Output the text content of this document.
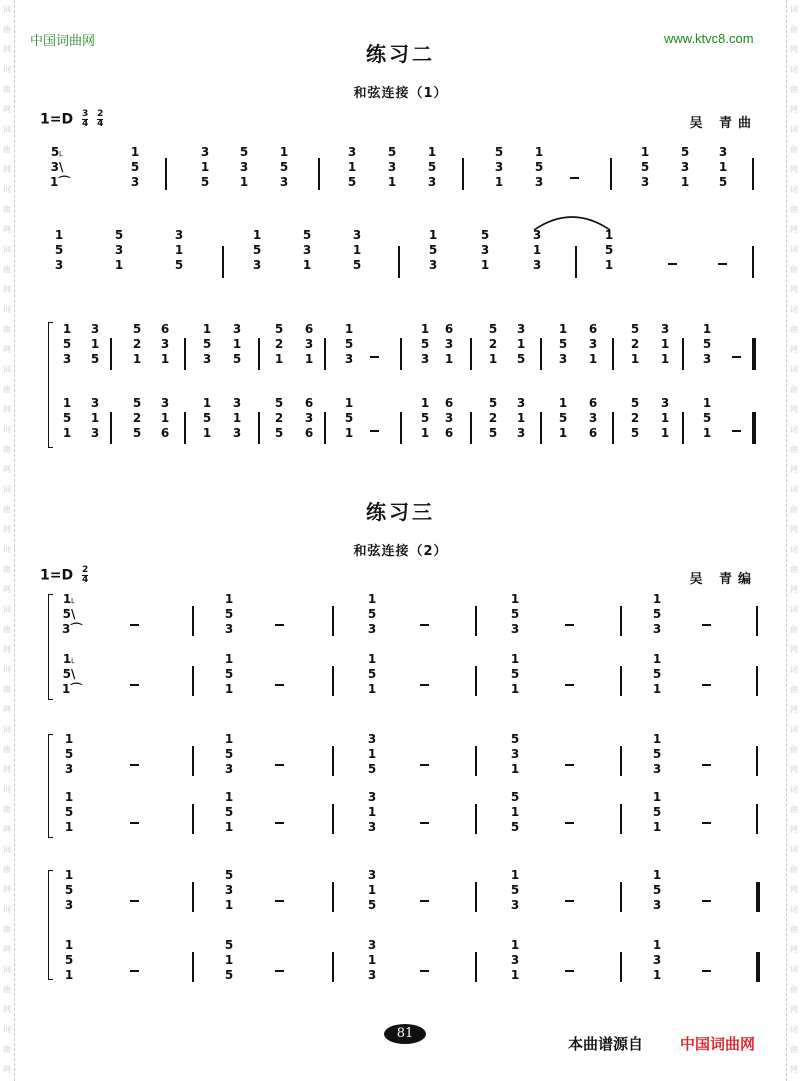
词
曲
网
词
曲
网
词
曲
网
词
曲
网
词
曲
网
词
曲
网
词
曲
网
词
曲
网
词
曲
网
词
曲
网
词
曲
网
词
曲
网
词
曲
网
词
曲
网
词
曲
网
词
曲
网
词
曲
网
词
曲
网
词
曲
网
词
曲
网
词
曲
网
词
曲
网
词
曲
网
词
曲
网
词
曲
网
词
曲
网
词
曲
网
词
曲
网
词
曲
网
词
曲
网
词
曲
网
词
曲
网
词
曲
网
词
曲
网
词
曲
网
词
曲
网
中国词曲网	www.ktvc8.com
练习二
和弦连接（1）
$1=D \frac{3}{4} \frac{2}{4}$	吴 青曲
5˪
3\
1⌒
1
5
3
3
1
5
5
3
1
1
5
3
3
1
5
5
3
1
1
5
3
5
3
1
1
5
3
1
5
3
5
3
1
3
1
5
1
5
3
5
3
1
3
1
5
1
5
3
5
3
1
3
1
5
1
5
3
5
3
1
3
1
3
1
5
1
1
5
3
3
1
5
5
2
1
6
3
1
1
5
3
3
1
5
5
2
1
6
3
1
1
5
3
1
5
3
6
3
1
5
2
1
3
1
5
1
5
3
6
3
1
5
2
1
3
1
1
1
5
3
1
5
1
3
1
3
5
2
5
3
1
6
1
5
1
3
1
3
5
2
5
6
3
6
1
5
1
1
5
1
6
3
6
5
2
5
3
1
3
1
5
1
6
3
6
5
2
5
3
1
1
1
5
1
练习三
和弦连接（2）
$1=D \frac{2}{4}$	吴 青编
1˪
5\
3⌒
1
5
3
1
5
3
1
5
3
1
5
3
1˪
5\
1⌒
1
5
1
1
5
1
1
5
1
1
5
1
1
5
3
1
5
3
3
1
5
5
3
1
1
5
3
1
5
1
1
5
1
3
1
3
5
1
5
1
5
1
1
5
3
5
3
1
3
1
5
1
5
3
1
5
3
1
5
1
5
1
5
3
1
3
1
3
1
1
3
1
81
本曲谱源自 中国词曲网
